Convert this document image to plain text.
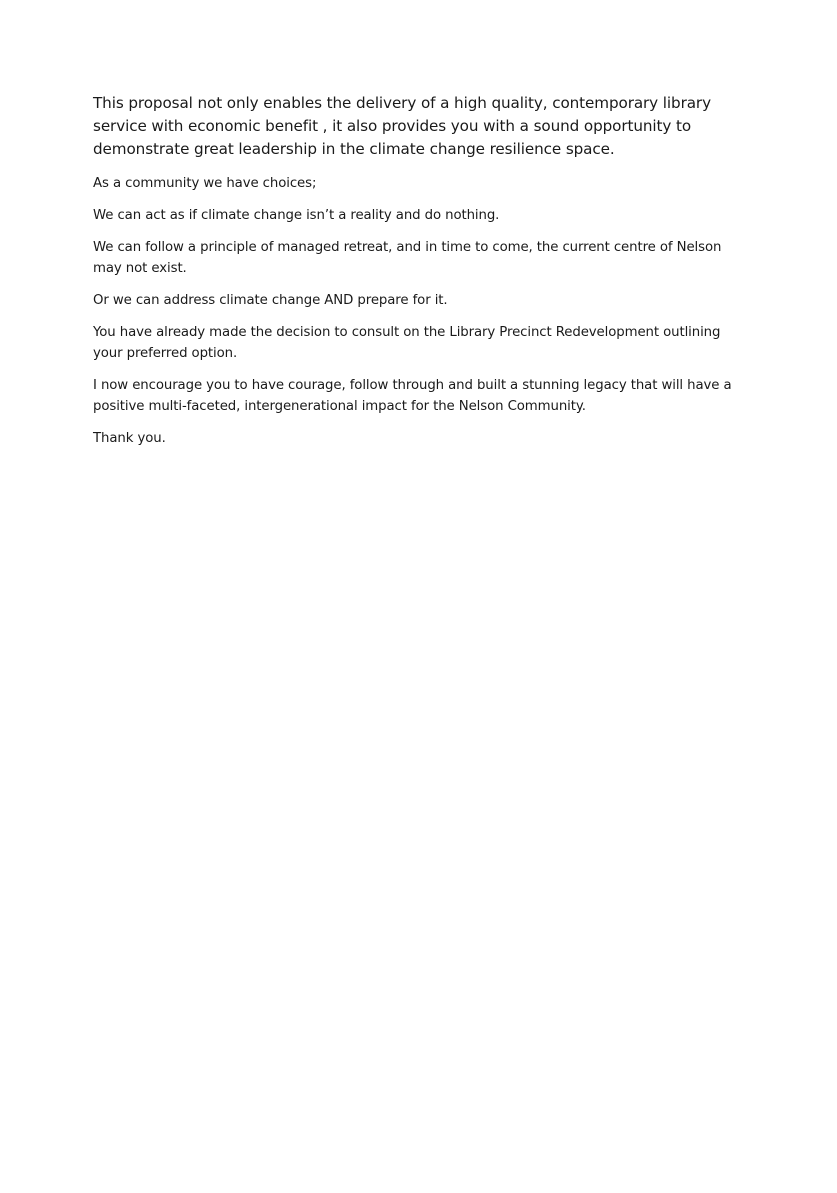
This proposal not only enables the delivery of a high quality, contemporary library service with economic benefit , it also provides you with a sound opportunity to demonstrate great leadership in the climate change resilience space.

As a community we have choices;

We can act as if climate change isn’t a reality and do nothing.

We can follow a principle of managed retreat, and in time to come, the current centre of Nelson may not exist.

Or we can address climate change AND prepare for it.

You have already made the decision to consult on the Library Precinct Redevelopment outlining your preferred option.

I now encourage you to have courage, follow through and built a stunning legacy that will have a positive multi-faceted, intergenerational impact for the Nelson Community.

Thank you.
